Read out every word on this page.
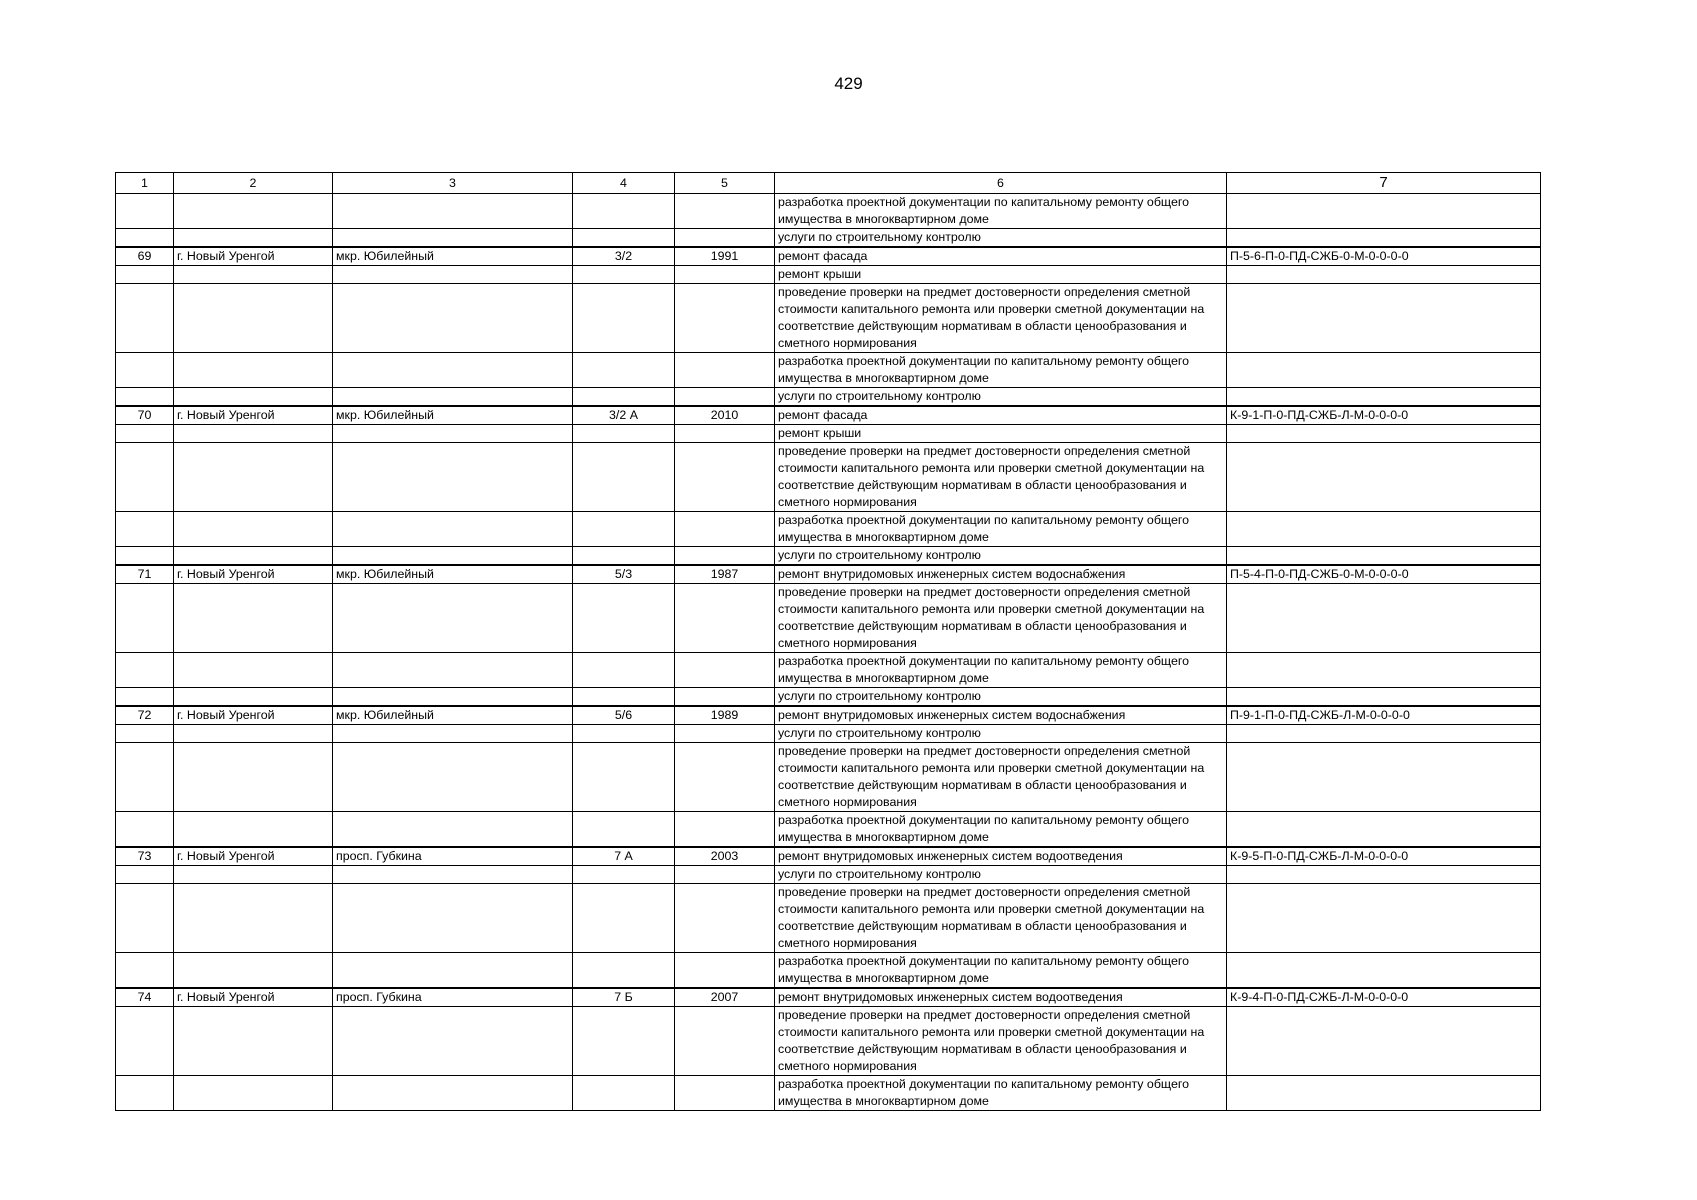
429
1	2	3	4	5	6	7
					разработка проектной документации по капитальному ремонту общего имущества в многоквартирном доме	
					услуги по строительному контролю	
69	г. Новый Уренгой	мкр. Юбилейный	3/2	1991	ремонт фасада	П-5-6-П-0-ПД-СЖБ-0-М-0-0-0-0
					ремонт крыши	
					проведение проверки на предмет достоверности определения сметной стоимости капитального ремонта или проверки сметной документации на соответствие действующим нормативам в области ценообразования и сметного нормирования	
					разработка проектной документации по капитальному ремонту общего имущества в многоквартирном доме	
					услуги по строительному контролю	
70	г. Новый Уренгой	мкр. Юбилейный	3/2 А	2010	ремонт фасада	К-9-1-П-0-ПД-СЖБ-Л-М-0-0-0-0
					ремонт крыши	
					проведение проверки на предмет достоверности определения сметной стоимости капитального ремонта или проверки сметной документации на соответствие действующим нормативам в области ценообразования и сметного нормирования	
					разработка проектной документации по капитальному ремонту общего имущества в многоквартирном доме	
					услуги по строительному контролю	
71	г. Новый Уренгой	мкр. Юбилейный	5/3	1987	ремонт внутридомовых инженерных систем водоснабжения	П-5-4-П-0-ПД-СЖБ-0-М-0-0-0-0
					проведение проверки на предмет достоверности определения сметной стоимости капитального ремонта или проверки сметной документации на соответствие действующим нормативам в области ценообразования и сметного нормирования	
					разработка проектной документации по капитальному ремонту общего имущества в многоквартирном доме	
					услуги по строительному контролю	
72	г. Новый Уренгой	мкр. Юбилейный	5/6	1989	ремонт внутридомовых инженерных систем водоснабжения	П-9-1-П-0-ПД-СЖБ-Л-М-0-0-0-0
					услуги по строительному контролю	
					проведение проверки на предмет достоверности определения сметной стоимости капитального ремонта или проверки сметной документации на соответствие действующим нормативам в области ценообразования и сметного нормирования	
					разработка проектной документации по капитальному ремонту общего имущества в многоквартирном доме	
73	г. Новый Уренгой	просп. Губкина	7 А	2003	ремонт внутридомовых инженерных систем водоотведения	К-9-5-П-0-ПД-СЖБ-Л-М-0-0-0-0
					услуги по строительному контролю	
					проведение проверки на предмет достоверности определения сметной стоимости капитального ремонта или проверки сметной документации на соответствие действующим нормативам в области ценообразования и сметного нормирования	
					разработка проектной документации по капитальному ремонту общего имущества в многоквартирном доме	
74	г. Новый Уренгой	просп. Губкина	7 Б	2007	ремонт внутридомовых инженерных систем водоотведения	К-9-4-П-0-ПД-СЖБ-Л-М-0-0-0-0
					проведение проверки на предмет достоверности определения сметной стоимости капитального ремонта или проверки сметной документации на соответствие действующим нормативам в области ценообразования и сметного нормирования	
					разработка проектной документации по капитальному ремонту общего имущества в многоквартирном доме	
